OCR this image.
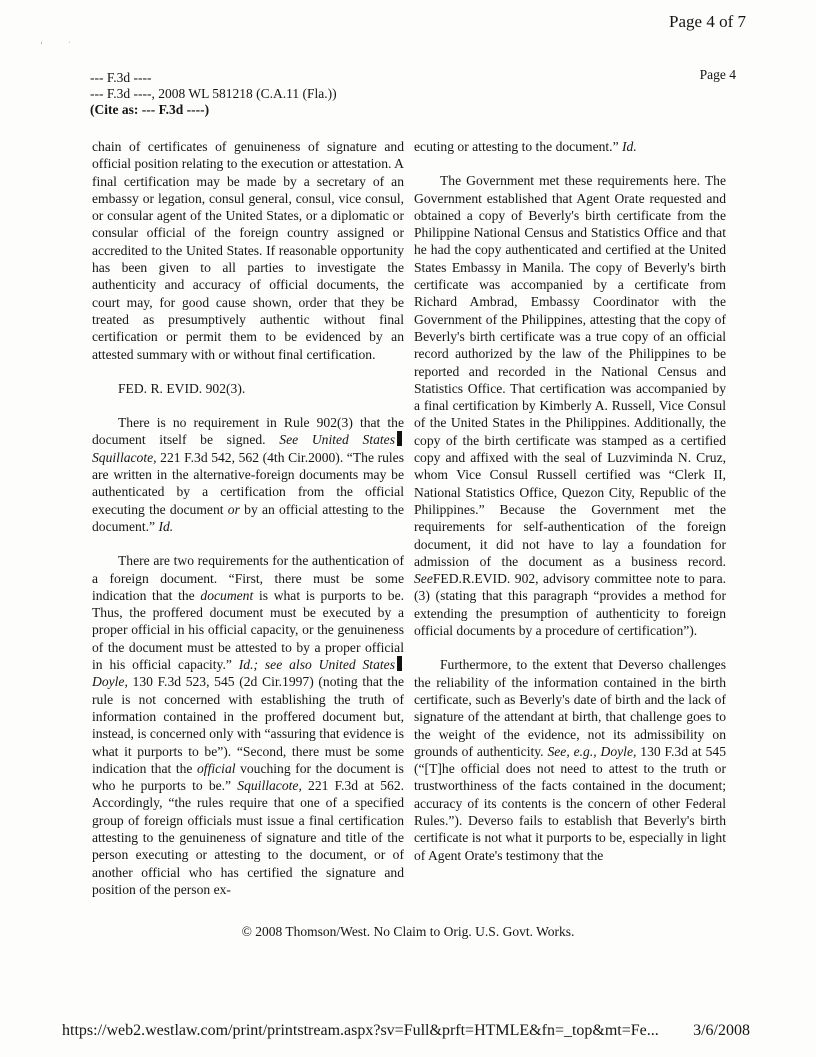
ʻ           ˈ
Page 4 of 7
Page 4
--- F.3d ----
--- F.3d ----, 2008 WL 581218 (C.A.11 (Fla.))
(Cite as: --- F.3d ----)

chain of certificates of genuineness of signature and official position relating to the execution or attestation. A final certification may be made by a secretary of an embassy or legation, consul general, consul, vice consul, or consular agent of the United States, or a diplomatic or consular official of the foreign country assigned or accredited to the United States. If reasonable opportunity has been given to all parties to investigate the authenticity and accuracy of official documents, the court may, for good cause shown, order that they be treated as presumptively authentic without final certification or permit them to be evidenced by an attested summary with or without final certification.

FED. R. EVID. 902(3).

There is no requirement in Rule 902(3) that the document itself be signed. See United States Squillacote, 221 F.3d 542, 562 (4th Cir.2000). “The rules are written in the alternative-foreign documents may be authenticated by a certification from the official executing the document or by an official attesting to the document.” Id.

There are two requirements for the authentication of a foreign document. “First, there must be some indication that the document is what is purports to be. Thus, the proffered document must be executed by a proper official in his official capacity, or the genuineness of the document must be attested to by a proper official in his official capacity.” Id.; see also United States Doyle, 130 F.3d 523, 545 (2d Cir.1997) (noting that the rule is not concerned with establishing the truth of information contained in the proffered document but, instead, is concerned only with “assuring that evidence is what it purports to be”). “Second, there must be some indication that the official vouching for the document is who he purports to be.” Squillacote, 221 F.3d at 562. Accordingly, “the rules require that one of a specified group of foreign officials must issue a final certification attesting to the genuineness of signature and title of the person executing or attesting to the document, or of another official who has certified the signature and position of the person ex-

ecuting or attesting to the document.” Id.

The Government met these requirements here. The Government established that Agent Orate requested and obtained a copy of Beverly's birth certificate from the Philippine National Census and Statistics Office and that he had the copy authenticated and certified at the United States Embassy in Manila. The copy of Beverly's birth certificate was accompanied by a certificate from Richard Ambrad, Embassy Coordinator with the Government of the Philippines, attesting that the copy of Beverly's birth certificate was a true copy of an official record authorized by the law of the Philippines to be reported and recorded in the National Census and Statistics Office. That certification was accompanied by a final certification by Kimberly A. Russell, Vice Consul of the United States in the Philippines. Additionally, the copy of the birth certificate was stamped as a certified copy and affixed with the seal of Luzviminda N. Cruz, whom Vice Consul Russell certified was “Clerk II, National Statistics Office, Quezon City, Republic of the Philippines.” Because the Government met the requirements for self-authentication of the foreign document, it did not have to lay a foundation for admission of the document as a business record. SeeFED.R.EVID. 902, advisory committee note to para. (3) (stating that this paragraph “provides a method for extending the presumption of authenticity to foreign official documents by a procedure of certification”).

Furthermore, to the extent that Deverso challenges the reliability of the information contained in the birth certificate, such as Beverly's date of birth and the lack of signature of the attendant at birth, that challenge goes to the weight of the evidence, not its admissibility on grounds of authenticity. See, e.g., Doyle, 130 F.3d at 545 (“[T]he official does not need to attest to the truth or trustworthiness of the facts contained in the document; accuracy of its contents is the concern of other Federal Rules.”). Deverso fails to establish that Beverly's birth certificate is not what it purports to be, especially in light of Agent Orate's testimony that the

© 2008 Thomson/West. No Claim to Orig. U.S. Govt. Works.
https://web2.westlaw.com/print/printstream.aspx?sv=Full&prft=HTMLE&fn=_top&mt=Fe... 3/6/2008
